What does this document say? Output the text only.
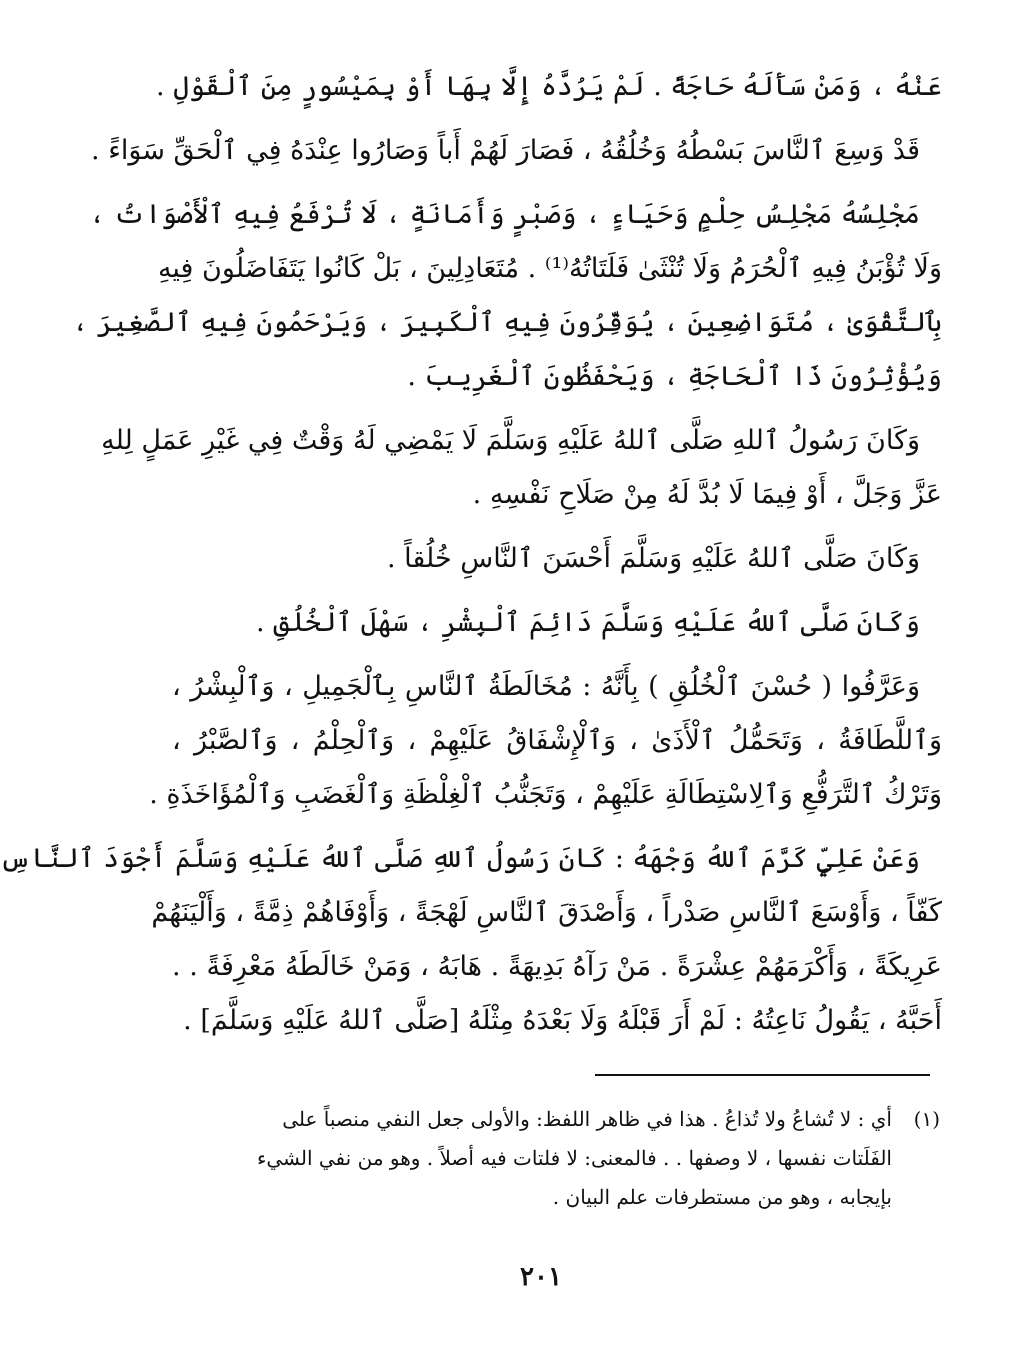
عَنْهُ ، وَمَنْ سَأَلَهُ حَاجَةً . لَمْ يَرُدَّهُ إِلَّا بِهَا أَوْ بِمَيْسُورٍ مِنَ ٱلْقَوْلِ .
قَدْ وَسِعَ ٱلنَّاسَ بَسْطُهُ وَخُلُقُهُ ، فَصَارَ لَهُمْ أَباً وَصَارُوا عِنْدَهُ فِي ٱلْحَقِّ سَوَاءً .
مَجْلِسُهُ مَجْلِسُ حِلْمٍ وَحَيَاءٍ ، وَصَبْرٍ وَأَمَانَةٍ ، لَا تُرْفَعُ فِيهِ ٱلْأَصْوَاتُ ،
وَلَا تُؤْبَنُ فِيهِ ٱلْحُرَمُ وَلَا تُنْثَىٰ فَلَتَاتُهُ⁽¹⁾ . مُتَعَادِلِينَ ، بَلْ كَانُوا يَتَفَاضَلُونَ فِيهِ
بِٱلتَّقْوَىٰ ، مُتَوَاضِعِينَ ، يُوَقِّرُونَ فِيهِ ٱلْكَبِيرَ ، وَيَرْحَمُونَ فِيهِ ٱلصَّغِيرَ ،
وَيُؤْثِرُونَ ذَا ٱلْحَاجَةِ ، وَيَحْفَظُونَ ٱلْغَرِيبَ .
وَكَانَ رَسُولُ ٱللهِ صَلَّى ٱللهُ عَلَيْهِ وَسَلَّمَ لَا يَمْضِي لَهُ وَقْتٌ فِي غَيْرِ عَمَلٍ لِلهِ
عَزَّ وَجَلَّ ، أَوْ فِيمَا لَا بُدَّ لَهُ مِنْ صَلَاحِ نَفْسِهِ .
وَكَانَ صَلَّى ٱللهُ عَلَيْهِ وَسَلَّمَ أَحْسَنَ ٱلنَّاسِ خُلُقاً .
وَكَانَ صَلَّى ٱللهُ عَلَيْهِ وَسَلَّمَ دَائِمَ ٱلْبِشْرِ ، سَهْلَ ٱلْخُلُقِ .
وَعَرَّفُوا ( حُسْنَ ٱلْخُلُقِ ) بِأَنَّهُ : مُخَالَطَةُ ٱلنَّاسِ بِٱلْجَمِيلِ ، وَٱلْبِشْرُ ،
وَٱللَّطَافَةُ ، وَتَحَمُّلُ ٱلْأَذَىٰ ، وَٱلْإِشْفَاقُ عَلَيْهِمْ ، وَٱلْحِلْمُ ، وَٱلصَّبْرُ ،
وَتَرْكُ ٱلتَّرَفُّعِ وَٱلِاسْتِطَالَةِ عَلَيْهِمْ ، وَتَجَنُّبُ ٱلْغِلْظَةِ وَٱلْغَضَبِ وَٱلْمُؤَاخَذَةِ .
وَعَنْ عَلِيٍّ كَرَّمَ ٱللهُ وَجْهَهُ : كَانَ رَسُولُ ٱللهِ صَلَّى ٱللهُ عَلَيْهِ وَسَلَّمَ أَجْوَدَ ٱلنَّاسِ
كَفّاً ، وَأَوْسَعَ ٱلنَّاسِ صَدْراً ، وَأَصْدَقَ ٱلنَّاسِ لَهْجَةً ، وَأَوْفَاهُمْ ذِمَّةً ، وَأَلْيَنَهُمْ
عَرِيكَةً ، وَأَكْرَمَهُمْ عِشْرَةً . مَنْ رَآهُ بَدِيهَةً . هَابَهُ ، وَمَنْ خَالَطَهُ مَعْرِفَةً . .
أَحَبَّهُ ، يَقُولُ نَاعِتُهُ : لَمْ أَرَ قَبْلَهُ وَلَا بَعْدَهُ مِثْلَهُ [صَلَّى ٱللهُ عَلَيْهِ وَسَلَّمَ] .
(١)أي : لا تُشاعُ ولا تُذاعُ . هذا في ظاهر اللفظ: والأولى جعل النفي منصباً على
الفَلَتات نفسها ، لا وصفها . . فالمعنى: لا فلتات فيه أصلاً . وهو من نفي الشيء
بإيجابه ، وهو من مستطرفات علم البيان .
٢٠١
